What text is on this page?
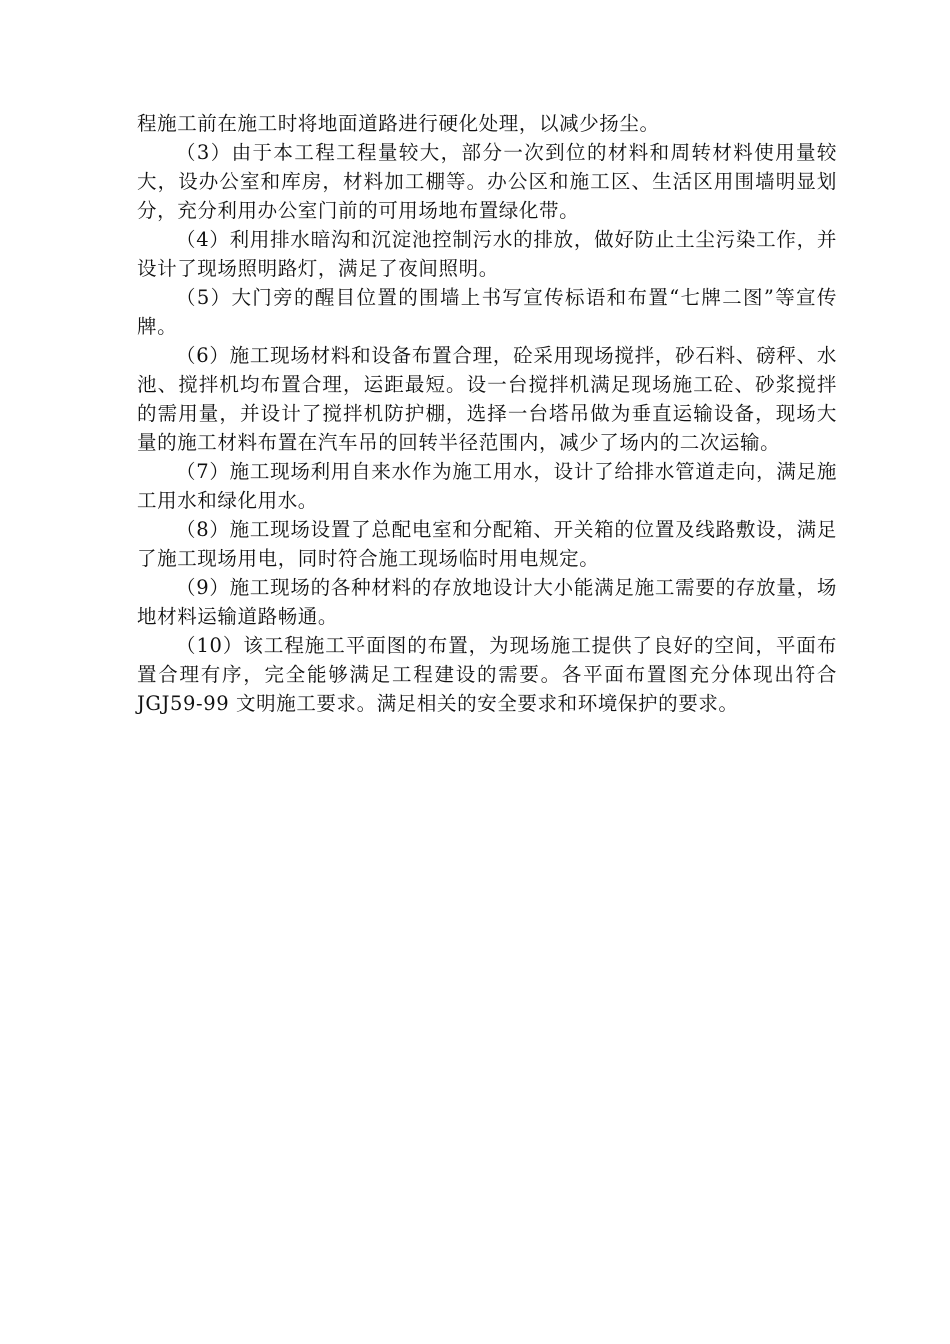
程施工前在施工时将地面道路进行硬化处理，以减少扬尘。

（3）由于本工程工程量较大，部分一次到位的材料和周转材料使用量较大，设办公室和库房，材料加工棚等。办公区和施工区、生活区用围墙明显划分，充分利用办公室门前的可用场地布置绿化带。

（4）利用排水暗沟和沉淀池控制污水的排放，做好防止土尘污染工作，并设计了现场照明路灯，满足了夜间照明。

（5）大门旁的醒目位置的围墙上书写宣传标语和布置“七牌二图”等宣传牌。

（6）施工现场材料和设备布置合理，砼采用现场搅拌，砂石料、磅秤、水池、搅拌机均布置合理，运距最短。设一台搅拌机满足现场施工砼、砂浆搅拌的需用量，并设计了搅拌机防护棚，选择一台塔吊做为垂直运输设备，现场大量的施工材料布置在汽车吊的回转半径范围内，减少了场内的二次运输。

（7）施工现场利用自来水作为施工用水，设计了给排水管道走向，满足施工用水和绿化用水。

（8）施工现场设置了总配电室和分配箱、开关箱的位置及线路敷设，满足了施工现场用电，同时符合施工现场临时用电规定。

（9）施工现场的各种材料的存放地设计大小能满足施工需要的存放量，场地材料运输道路畅通。

（10）该工程施工平面图的布置，为现场施工提供了良好的空间，平面布置合理有序，完全能够满足工程建设的需要。各平面布置图充分体现出符合 JGJ59-99 文明施工要求。满足相关的安全要求和环境保护的要求。
